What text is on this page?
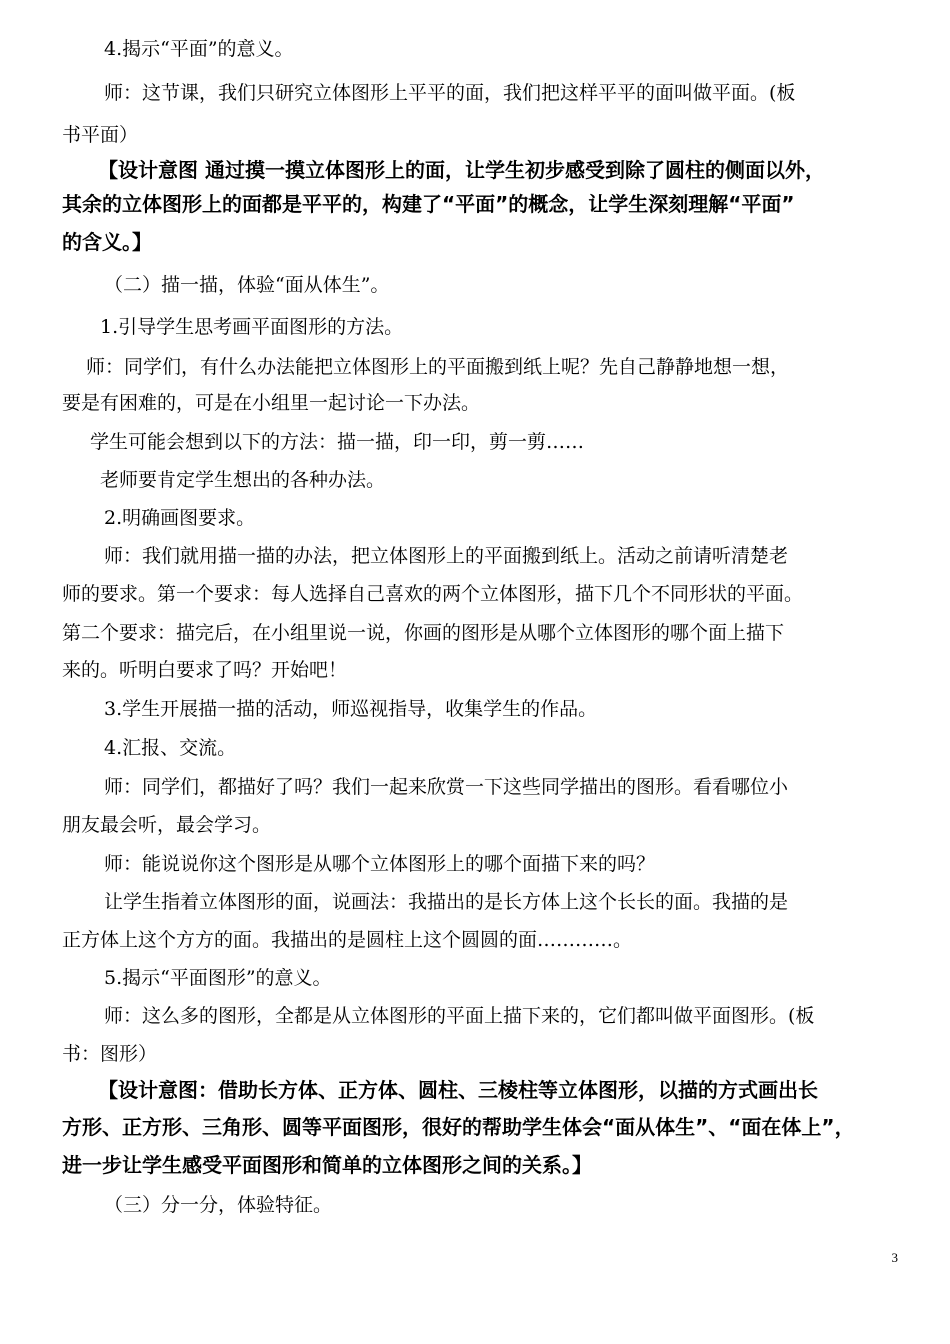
4.揭示“平面”的意义。
师：这节课，我们只研究立体图形上平平的面，我们把这样平平的面叫做平面。(板
书平面）
【设计意图 通过摸一摸立体图形上的面，让学生初步感受到除了圆柱的侧面以外，
其余的立体图形上的面都是平平的，构建了“平面”的概念，让学生深刻理解“平面”
的含义。】
（二）描一描，体验“面从体生”。
1.引导学生思考画平面图形的方法。
师：同学们，有什么办法能把立体图形上的平面搬到纸上呢？先自己静静地想一想，
要是有困难的，可是在小组里一起讨论一下办法。
学生可能会想到以下的方法：描一描，印一印，剪一剪……
老师要肯定学生想出的各种办法。
2.明确画图要求。
师：我们就用描一描的办法，把立体图形上的平面搬到纸上。活动之前请听清楚老
师的要求。第一个要求：每人选择自己喜欢的两个立体图形，描下几个不同形状的平面。
第二个要求：描完后，在小组里说一说，你画的图形是从哪个立体图形的哪个面上描下
来的。听明白要求了吗？开始吧！
3.学生开展描一描的活动，师巡视指导，收集学生的作品。
4.汇报、交流。
师：同学们，都描好了吗？我们一起来欣赏一下这些同学描出的图形。看看哪位小
朋友最会听，最会学习。
师：能说说你这个图形是从哪个立体图形上的哪个面描下来的吗？
让学生指着立体图形的面，说画法：我描出的是长方体上这个长长的面。我描的是
正方体上这个方方的面。我描出的是圆柱上这个圆圆的面…………。
5.揭示“平面图形”的意义。
师：这么多的图形，全都是从立体图形的平面上描下来的，它们都叫做平面图形。(板
书：图形）
【设计意图：借助长方体、正方体、圆柱、三棱柱等立体图形，以描的方式画出长
方形、正方形、三角形、圆等平面图形，很好的帮助学生体会“面从体生”、“面在体上”，
进一步让学生感受平面图形和简单的立体图形之间的关系。】
（三）分一分，体验特征。
3
